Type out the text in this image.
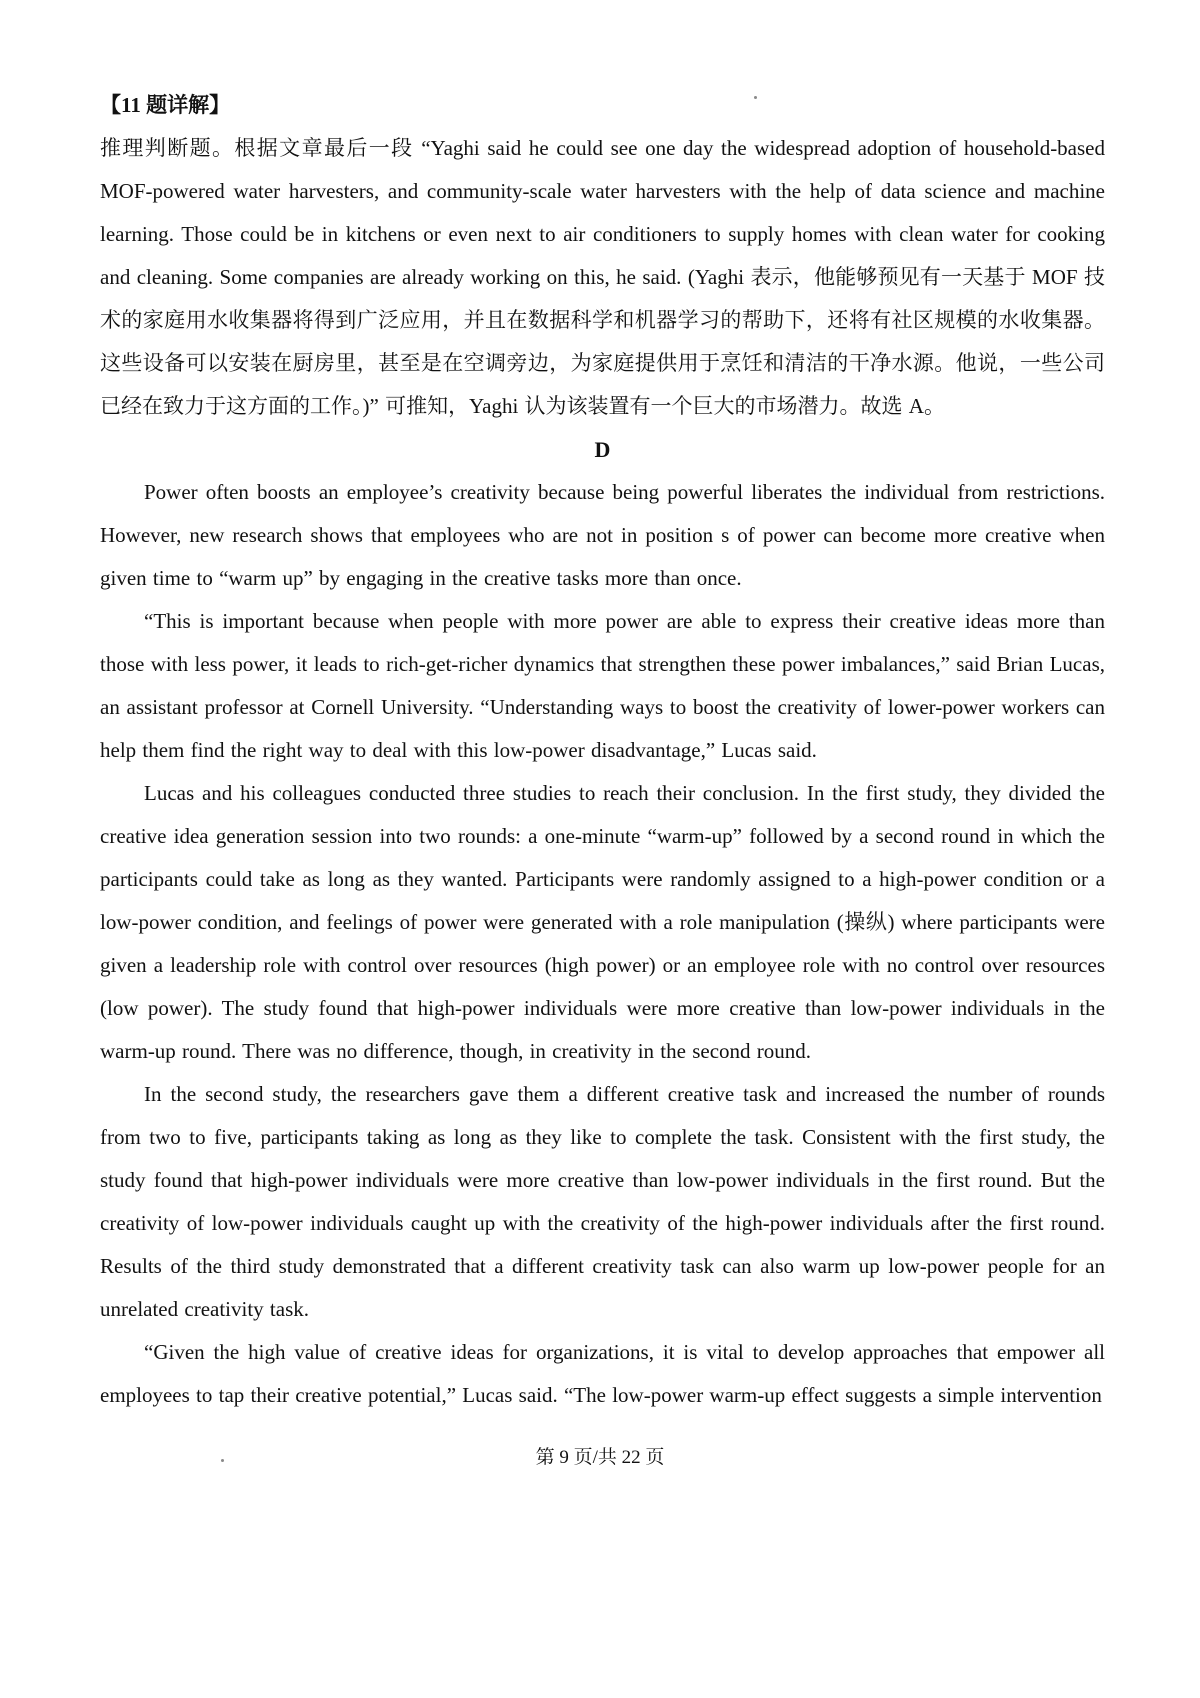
【11 题详解】

推理判断题。根据文章最后一段 “Yaghi said he could see one day the widespread adoption of household-based MOF-powered water harvesters, and community-scale water harvesters with the help of data science and machine learning. Those could be in kitchens or even next to air conditioners to supply homes with clean water for cooking and cleaning. Some companies are already working on this, he said. (Yaghi 表示，他能够预见有一天基于 MOF 技术的家庭用水收集器将得到广泛应用，并且在数据科学和机器学习的帮助下，还将有社区规模的水收集器。这些设备可以安装在厨房里，甚至是在空调旁边，为家庭提供用于烹饪和清洁的干净水源。他说，一些公司已经在致力于这方面的工作。)” 可推知，Yaghi 认为该装置有一个巨大的市场潜力。故选 A。

D

Power often boosts an employee’s creativity because being powerful liberates the individual from restrictions. However, new research shows that employees who are not in position s of power can become more creative when given time to “warm up” by engaging in the creative tasks more than once.

“This is important because when people with more power are able to express their creative ideas more than those with less power, it leads to rich-get-richer dynamics that strengthen these power imbalances,” said Brian Lucas, an assistant professor at Cornell University. “Understanding ways to boost the creativity of lower-power workers can help them find the right way to deal with this low-power disadvantage,” Lucas said.

Lucas and his colleagues conducted three studies to reach their conclusion. In the first study, they divided the creative idea generation session into two rounds: a one-minute “warm-up” followed by a second round in which the participants could take as long as they wanted. Participants were randomly assigned to a high-power condition or a low-power condition, and feelings of power were generated with a role manipulation (操纵) where participants were given a leadership role with control over resources (high power) or an employee role with no control over resources (low power). The study found that high-power individuals were more creative than low-power individuals in the warm-up round. There was no difference, though, in creativity in the second round.

In the second study, the researchers gave them a different creative task and increased the number of rounds from two to five, participants taking as long as they like to complete the task. Consistent with the first study, the study found that high-power individuals were more creative than low-power individuals in the first round. But the creativity of low-power individuals caught up with the creativity of the high-power individuals after the first round. Results of the third study demonstrated that a different creativity task can also warm up low-power people for an unrelated creativity task.

“Given the high value of creative ideas for organizations, it is vital to develop approaches that empower all employees to tap their creative potential,” Lucas said. “The low-power warm-up effect suggests a simple intervention

第 9 页/共 22 页
